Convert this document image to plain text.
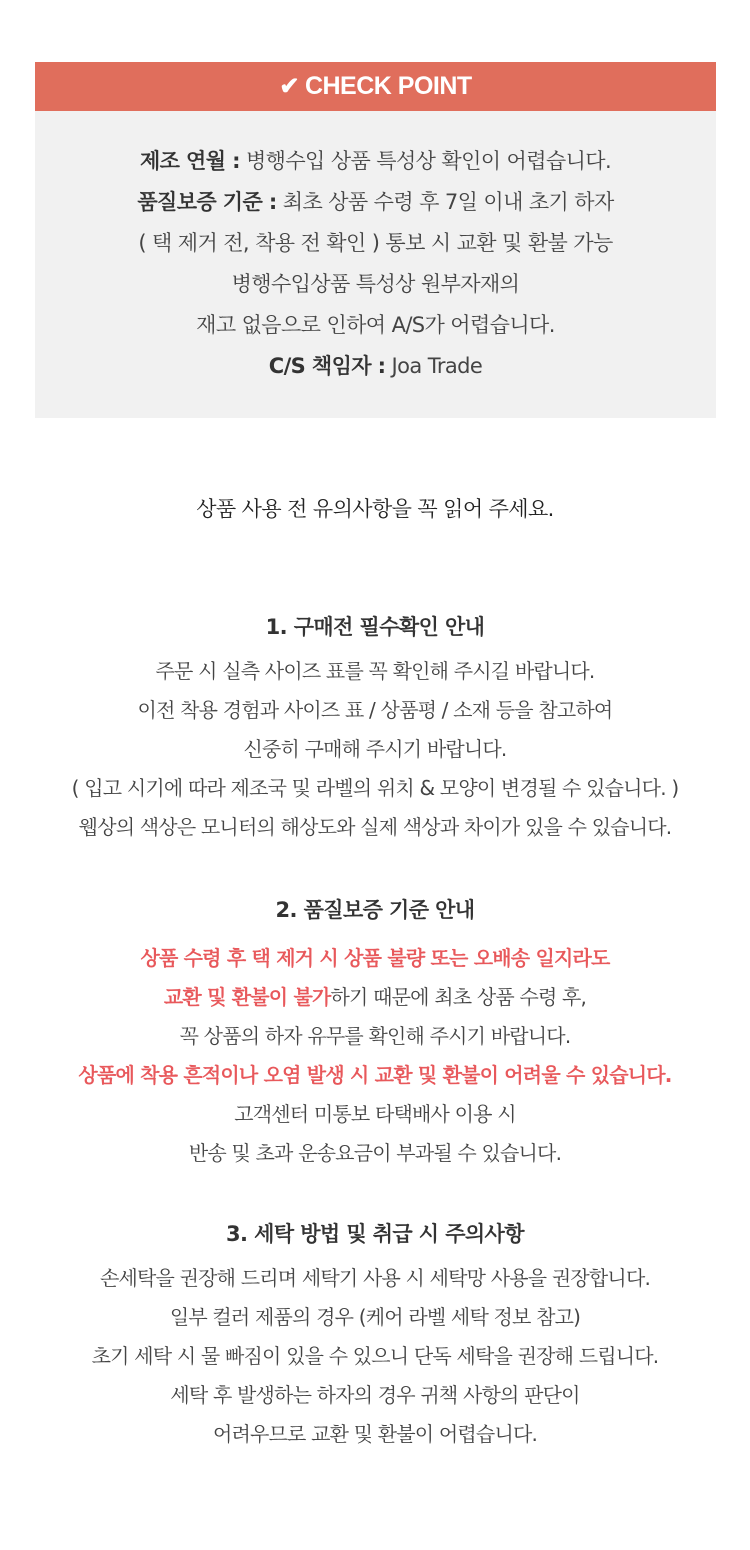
✔ CHECK POINT
제조 연월 : 병행수입 상품 특성상 확인이 어렵습니다.
품질보증 기준 : 최초 상품 수령 후 7일 이내 초기 하자
( 택 제거 전, 착용 전 확인 ) 통보 시 교환 및 환불 가능
병행수입상품 특성상 원부자재의
재고 없음으로 인하여 A/S가 어렵습니다.
C/S 책임자 : Joa Trade
상품 사용 전 유의사항을 꼭 읽어 주세요.
1. 구매전 필수확인 안내
주문 시 실측 사이즈 표를 꼭 확인해 주시길 바랍니다.
이전 착용 경험과 사이즈 표 / 상품평 / 소재 등을 참고하여
신중히 구매해 주시기 바랍니다.
( 입고 시기에 따라 제조국 및 라벨의 위치 & 모양이 변경될 수 있습니다. )
웹상의 색상은 모니터의 해상도와 실제 색상과 차이가 있을 수 있습니다.
2. 품질보증 기준 안내
상품 수령 후 택 제거 시 상품 불량 또는 오배송 일지라도
교환 및 환불이 불가하기 때문에 최초 상품 수령 후,
꼭 상품의 하자 유무를 확인해 주시기 바랍니다.
상품에 착용 흔적이나 오염 발생 시 교환 및 환불이 어려울 수 있습니다.
고객센터 미통보 타택배사 이용 시
반송 및 초과 운송요금이 부과될 수 있습니다.
3. 세탁 방법 및 취급 시 주의사항
손세탁을 권장해 드리며 세탁기 사용 시 세탁망 사용을 권장합니다.
일부 컬러 제품의 경우 (케어 라벨 세탁 정보 참고)
초기 세탁 시 물 빠짐이 있을 수 있으니 단독 세탁을 권장해 드립니다.
세탁 후 발생하는 하자의 경우 귀책 사항의 판단이
어려우므로 교환 및 환불이 어렵습니다.
